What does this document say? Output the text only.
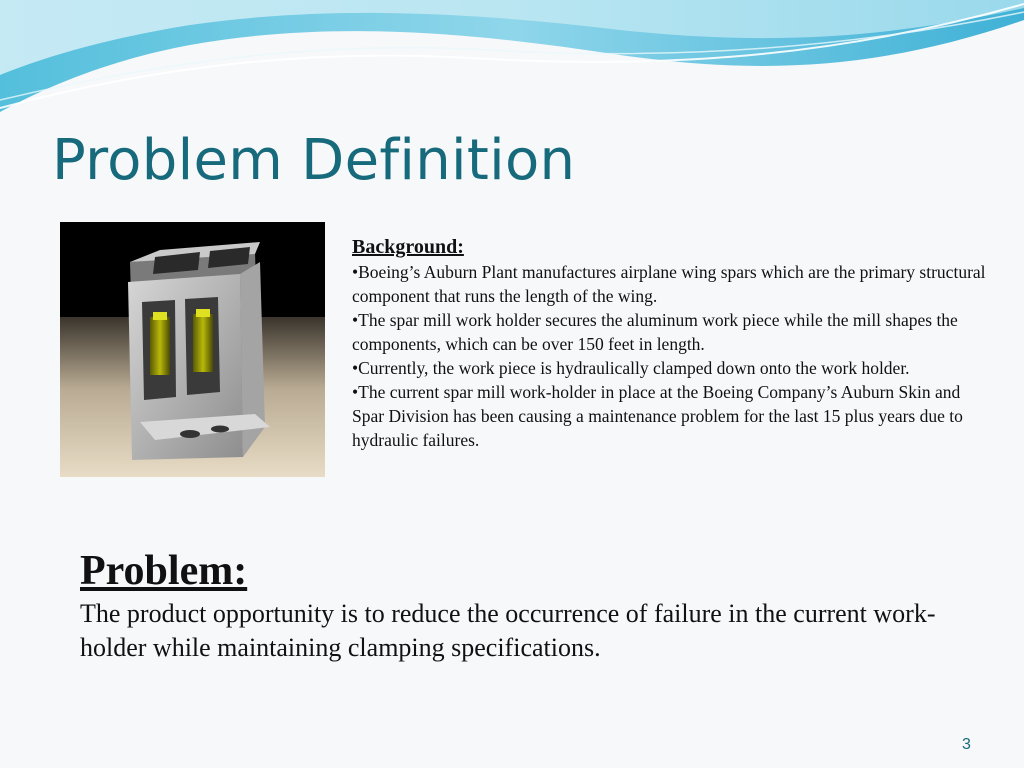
Problem Definition
Background:
•Boeing’s Auburn Plant manufactures airplane wing spars which are the primary structural component that runs the length of the wing.
•The spar mill work holder secures the aluminum work piece while the mill shapes the components, which can be over 150 feet in length.
•Currently, the work piece is hydraulically clamped down onto the work holder.
•The current spar mill work-holder in place at the Boeing Company’s Auburn Skin and Spar Division has been causing a maintenance problem for the last 15 plus years due to hydraulic failures.
Problem:
The product opportunity is to reduce the occurrence of failure in the current work-holder while maintaining clamping specifications.
3
